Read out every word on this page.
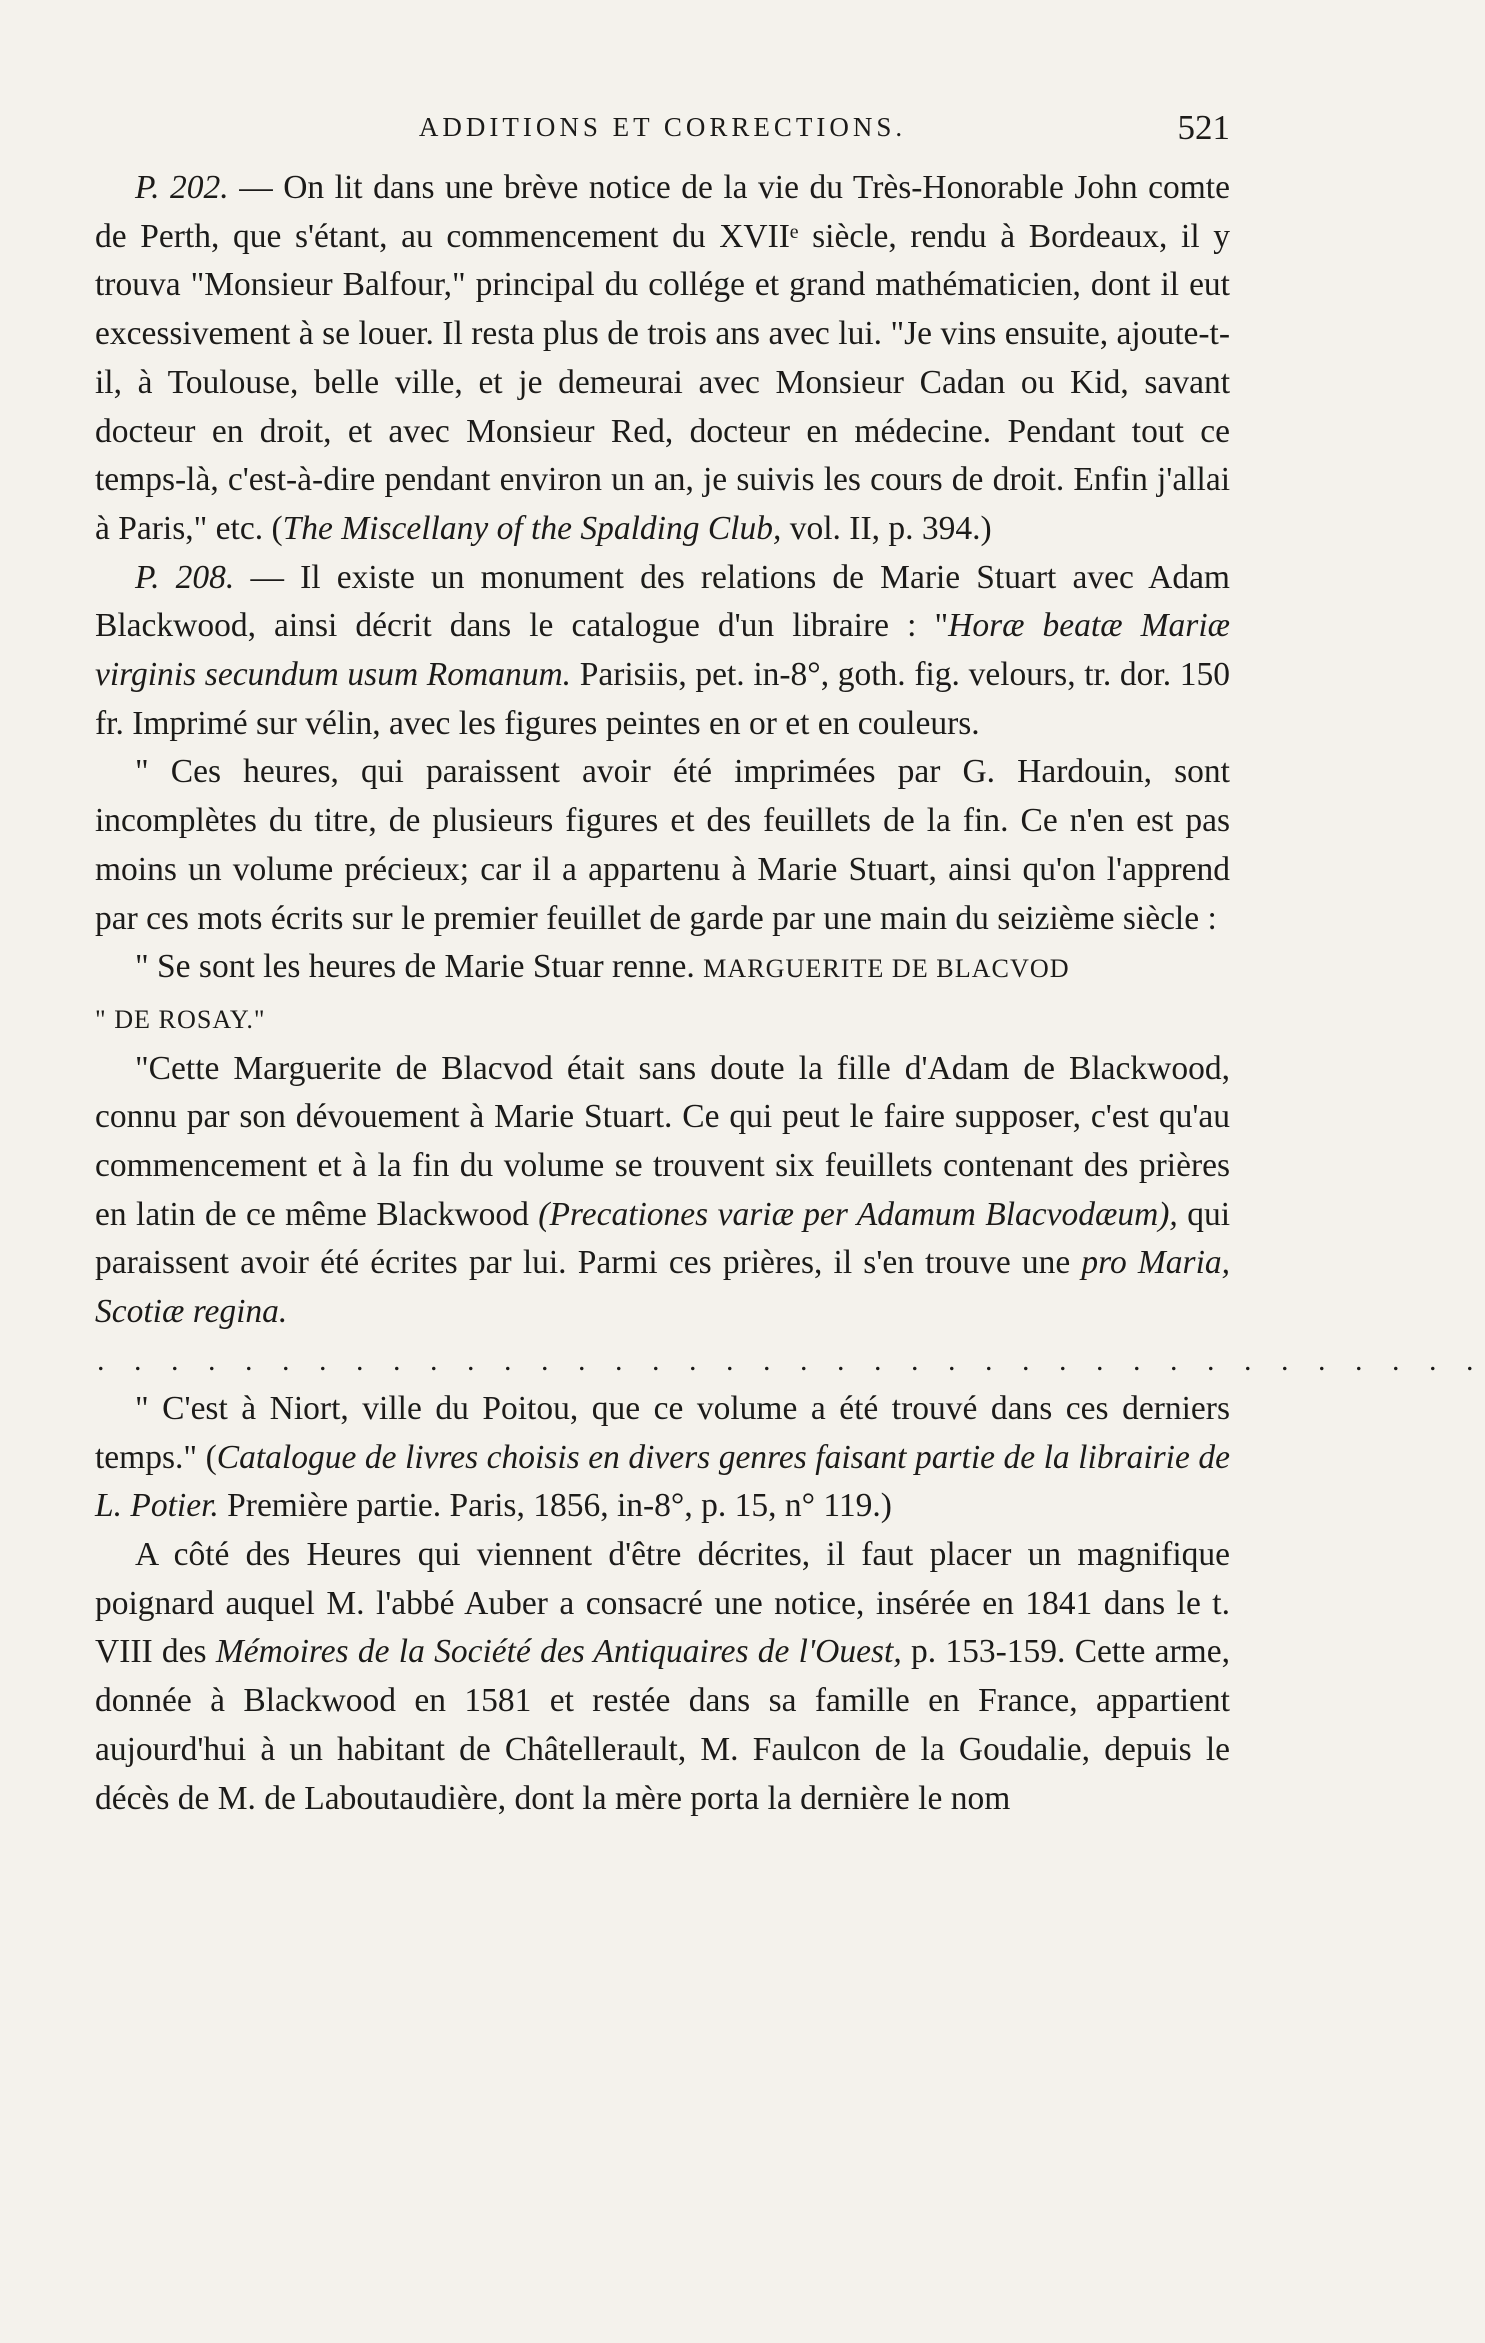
ADDITIONS ET CORRECTIONS.	521

P. 202. — On lit dans une brève notice de la vie du Très-Honorable John comte de Perth, que s'étant, au commencement du XVIIᵉ siècle, rendu à Bordeaux, il y trouva "Monsieur Balfour," principal du collége et grand mathématicien, dont il eut excessivement à se louer. Il resta plus de trois ans avec lui. "Je vins ensuite, ajoute-t-il, à Toulouse, belle ville, et je demeurai avec Monsieur Cadan ou Kid, savant docteur en droit, et avec Monsieur Red, docteur en médecine. Pendant tout ce temps-là, c'est-à-dire pendant environ un an, je suivis les cours de droit. Enfin j'allai à Paris," etc. (The Miscellany of the Spalding Club, vol. II, p. 394.)

P. 208. — Il existe un monument des relations de Marie Stuart avec Adam Blackwood, ainsi décrit dans le catalogue d'un libraire : "Horæ beatæ Mariæ virginis secundum usum Romanum. Parisiis, pet. in-8°, goth. fig. velours, tr. dor. 150 fr. Imprimé sur vélin, avec les figures peintes en or et en couleurs.

" Ces heures, qui paraissent avoir été imprimées par G. Hardouin, sont incomplètes du titre, de plusieurs figures et des feuillets de la fin. Ce n'en est pas moins un volume précieux; car il a appartenu à Marie Stuart, ainsi qu'on l'apprend par ces mots écrits sur le premier feuillet de garde par une main du seizième siècle :

" Se sont les heures de Marie Stuar renne. MARGUERITE DE BLACVOD
" DE ROSAY."

"Cette Marguerite de Blacvod était sans doute la fille d'Adam de Blackwood, connu par son dévouement à Marie Stuart. Ce qui peut le faire supposer, c'est qu'au commencement et à la fin du volume se trouvent six feuillets contenant des prières en latin de ce même Blackwood (Precationes variæ per Adamum Blacvodæum), qui paraissent avoir été écrites par lui. Parmi ces prières, il s'en trouve une pro Maria, Scotiæ regina.

. . . . . . . . . . . . . . . . . . . . . . . . . . . . . . . . . . . . . .

" C'est à Niort, ville du Poitou, que ce volume a été trouvé dans ces derniers temps." (Catalogue de livres choisis en divers genres faisant partie de la librairie de L. Potier. Première partie. Paris, 1856, in-8°, p. 15, n° 119.)

A côté des Heures qui viennent d'être décrites, il faut placer un magnifique poignard auquel M. l'abbé Auber a consacré une notice, insérée en 1841 dans le t. VIII des Mémoires de la Société des Antiquaires de l'Ouest, p. 153-159. Cette arme, donnée à Blackwood en 1581 et restée dans sa famille en France, appartient aujourd'hui à un habitant de Châtellerault, M. Faulcon de la Goudalie, depuis le décès de M. de Laboutaudière, dont la mère porta la dernière le nom
